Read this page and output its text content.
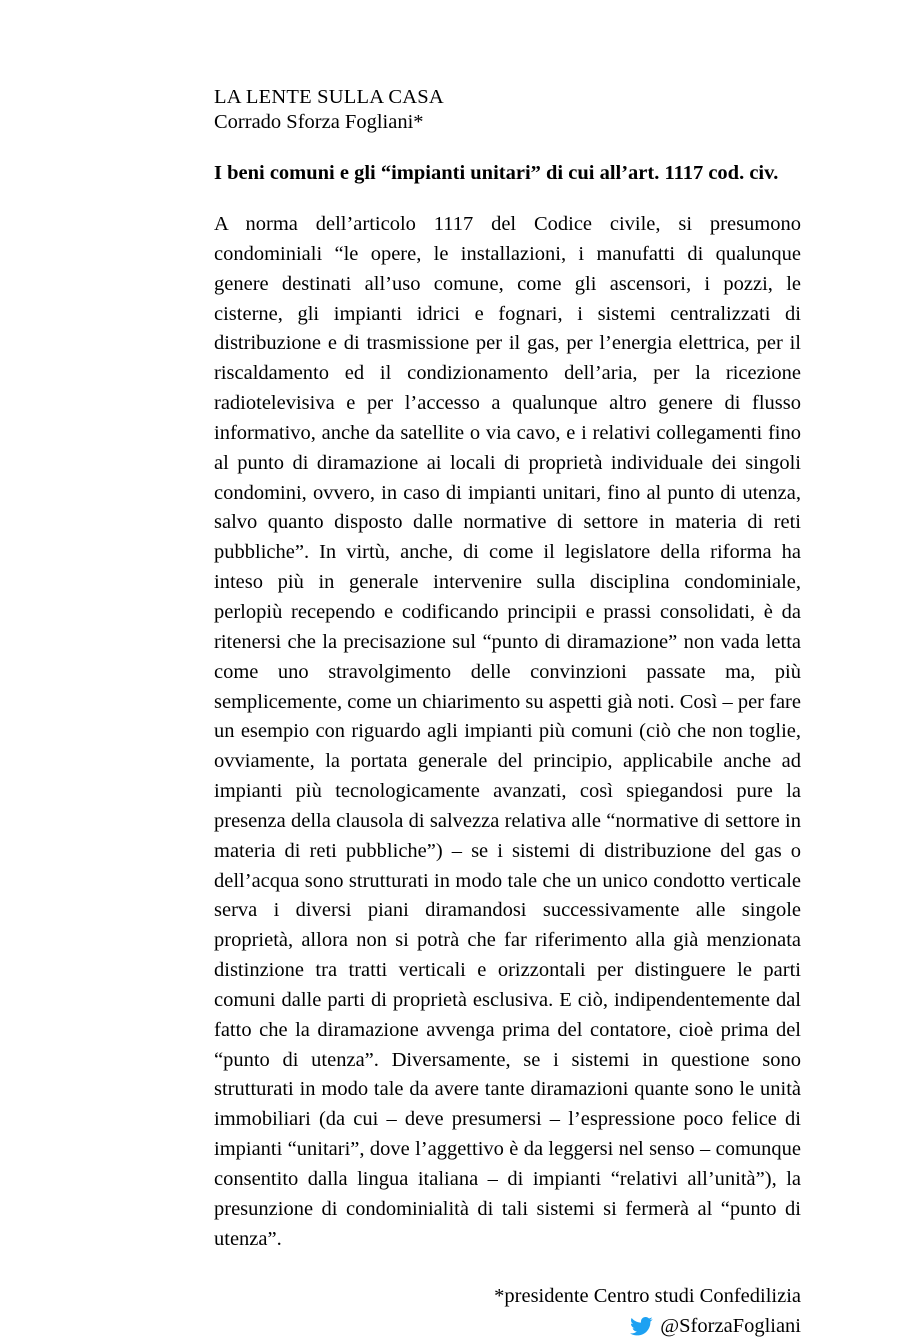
LA LENTE SULLA CASA
Corrado Sforza Fogliani*
I beni comuni e gli “impianti unitari” di cui all’art. 1117 cod. civ.

A norma dell’articolo 1117 del Codice civile, si presumono condominiali “le opere, le installazioni, i manufatti di qualunque genere destinati all’uso comune, come gli ascensori, i pozzi, le cisterne, gli impianti idrici e fognari, i sistemi centralizzati di distribuzione e di trasmissione per il gas, per l’energia elettrica, per il riscaldamento ed il condizionamento dell’aria, per la ricezione radiotelevisiva e per l’accesso a qualunque altro genere di flusso informativo, anche da satellite o via cavo, e i relativi collegamenti fino al punto di diramazione ai locali di proprietà individuale dei singoli condomini, ovvero, in caso di impianti unitari, fino al punto di utenza, salvo quanto disposto dalle normative di settore in materia di reti pubbliche”. In virtù, anche, di come il legislatore della riforma ha inteso più in generale intervenire sulla disciplina condominiale, perlopiù recependo e codificando principii e prassi consolidati, è da ritenersi che la precisazione sul “punto di diramazione” non vada letta come uno stravolgimento delle convinzioni passate ma, più semplicemente, come un chiarimento su aspetti già noti. Così – per fare un esempio con riguardo agli impianti più comuni (ciò che non toglie, ovviamente, la portata generale del principio, applicabile anche ad impianti più tecnologicamente avanzati, così spiegandosi pure la presenza della clausola di salvezza relativa alle “normative di settore in materia di reti pubbliche”) – se i sistemi di distribuzione del gas o dell’acqua sono strutturati in modo tale che un unico condotto verticale serva i diversi piani diramandosi successivamente alle singole proprietà, allora non si potrà che far riferimento alla già menzionata distinzione tra tratti verticali e orizzontali per distinguere le parti comuni dalle parti di proprietà esclusiva. E ciò, indipendentemente dal fatto che la diramazione avvenga prima del contatore, cioè prima del “punto di utenza”. Diversamente, se i sistemi in questione sono strutturati in modo tale da avere tante diramazioni quante sono le unità immobiliari (da cui – deve presumersi – l’espressione poco felice di impianti “unitari”, dove l’aggettivo è da leggersi nel senso – comunque consentito dalla lingua italiana – di impianti “relativi all’unità”), la presunzione di condominialità di tali sistemi si fermerà al “punto di utenza”.

*presidente Centro studi Confedilizia
@SforzaFogliani
